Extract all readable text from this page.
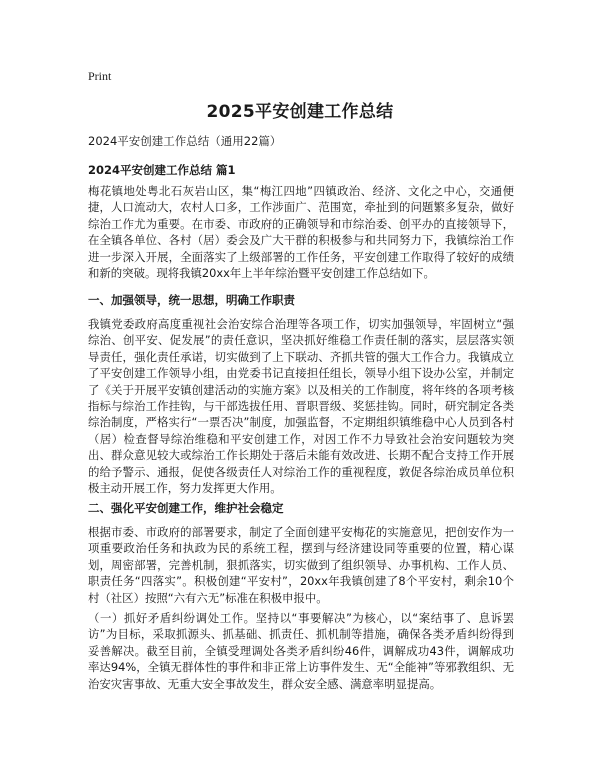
Print
2025平安创建工作总结
2024平安创建工作总结（通用22篇）
2024平安创建工作总结 篇1

梅花镇地处粤北石灰岩山区，集“梅江四地”四镇政治、经济、文化之中心，交通便捷，人口流动大，农村人口多，工作涉面广、范围宽，牵扯到的问题繁多复杂，做好综治工作尤为重要。在市委、市政府的正确领导和市综治委、创平办的直接领导下，在全镇各单位、各村（居）委会及广大干群的积极参与和共同努力下，我镇综治工作进一步深入开展，全面落实了上级部署的工作任务，平安创建工作取得了较好的成绩和新的突破。现将我镇20xx年上半年综治暨平安创建工作总结如下。

一、加强领导，统一思想，明确工作职责

我镇党委政府高度重视社会治安综合治理等各项工作，切实加强领导，牢固树立“强综治、创平安、促发展”的责任意识，坚决抓好维稳工作责任制的落实，层层落实领导责任，强化责任承诺，切实做到了上下联动、齐抓共管的强大工作合力。我镇成立了平安创建工作领导小组，由党委书记直接担任组长，领导小组下设办公室，并制定了《关于开展平安镇创建活动的实施方案》以及相关的工作制度，将年终的各项考核指标与综治工作挂钩，与干部选拔任用、晋职晋级、奖惩挂钩。同时，研究制定各类综治制度，严格实行“一票否决”制度，加强监督，不定期组织镇维稳中心人员到各村（居）检查督导综治维稳和平安创建工作，对因工作不力导致社会治安问题较为突出、群众意见较大或综治工作长期处于落后未能有效改进、长期不配合支持工作开展的给予警示、通报，促使各级责任人对综治工作的重视程度，敦促各综治成员单位积极主动开展工作，努力发挥更大作用。

二、强化平安创建工作，维护社会稳定

根据市委、市政府的部署要求，制定了全面创建平安梅花的实施意见，把创安作为一项重要政治任务和执政为民的系统工程，摆到与经济建设同等重要的位置，精心谋划，周密部署，完善机制，狠抓落实，切实做到了组织领导、办事机构、工作人员、职责任务“四落实”。积极创建“平安村”，20xx年我镇创建了8个平安村，剩余10个村（社区）按照“六有六无”标准在积极申报中。

（一）抓好矛盾纠纷调处工作。坚持以“事要解决”为核心，以“案结事了、息诉罢访”为目标，采取抓源头、抓基础、抓责任、抓机制等措施，确保各类矛盾纠纷得到妥善解决。截至目前，全镇受理调处各类矛盾纠纷46件，调解成功43件，调解成功率达94%，全镇无群体性的事件和非正常上访事件发生、无“全能神”等邪教组织、无治安灾害事故、无重大安全事故发生，群众安全感、满意率明显提高。
